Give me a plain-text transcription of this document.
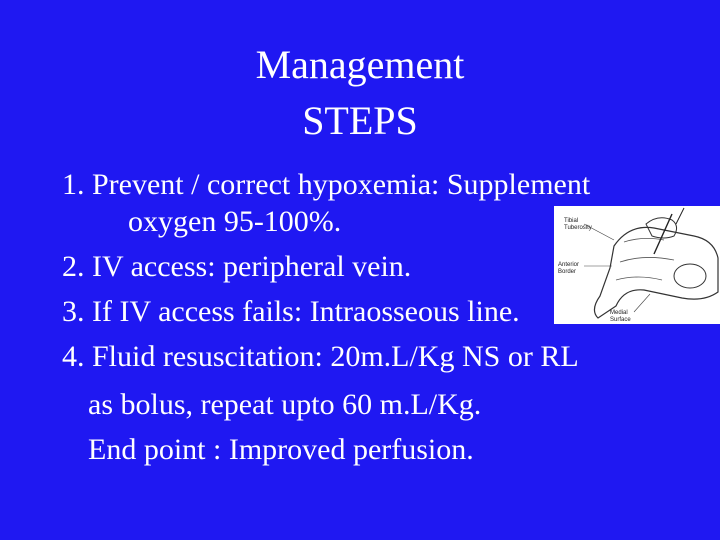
Management
STEPS
1. Prevent / correct hypoxemia: Supplement
oxygen 95-100%.
2. IV access: peripheral vein.
3. If IV access fails: Intraosseous line.
4. Fluid resuscitation: 20m.L/Kg NS or RL
as bolus, repeat upto 60 m.L/Kg.
End point : Improved perfusion.
Tibial
Tuberosity
Anterior
Border
Medial
Surface
